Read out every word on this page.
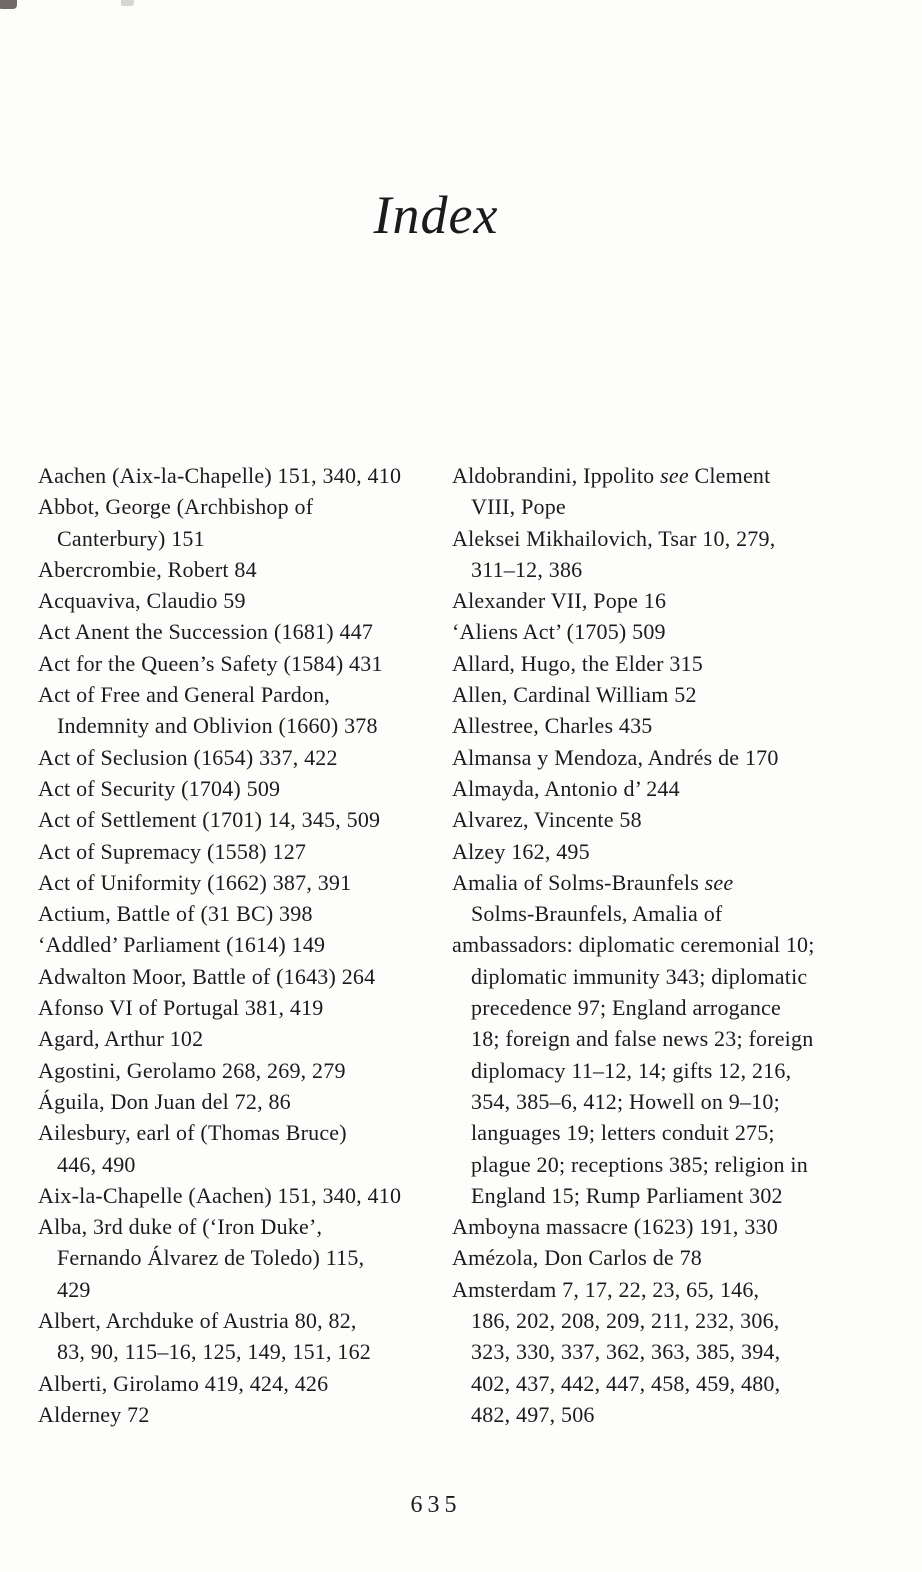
Index
Aachen (Aix-la-Chapelle) 151, 340, 410
Abbot, George (Archbishop of
Canterbury) 151
Abercrombie, Robert 84
Acquaviva, Claudio 59
Act Anent the Succession (1681) 447
Act for the Queen’s Safety (1584) 431
Act of Free and General Pardon,
Indemnity and Oblivion (1660) 378
Act of Seclusion (1654) 337, 422
Act of Security (1704) 509
Act of Settlement (1701) 14, 345, 509
Act of Supremacy (1558) 127
Act of Uniformity (1662) 387, 391
Actium, Battle of (31 BC) 398
‘Addled’ Parliament (1614) 149
Adwalton Moor, Battle of (1643) 264
Afonso VI of Portugal 381, 419
Agard, Arthur 102
Agostini, Gerolamo 268, 269, 279
Águila, Don Juan del 72, 86
Ailesbury, earl of (Thomas Bruce)
446, 490
Aix-la-Chapelle (Aachen) 151, 340, 410
Alba, 3rd duke of (‘Iron Duke’,
Fernando Álvarez de Toledo) 115,
429
Albert, Archduke of Austria 80, 82,
83, 90, 115–16, 125, 149, 151, 162
Alberti, Girolamo 419, 424, 426
Alderney 72
Aldobrandini, Ippolito see Clement
VIII, Pope
Aleksei Mikhailovich, Tsar 10, 279,
311–12, 386
Alexander VII, Pope 16
‘Aliens Act’ (1705) 509
Allard, Hugo, the Elder 315
Allen, Cardinal William 52
Allestree, Charles 435
Almansa y Mendoza, Andrés de 170
Almayda, Antonio d’ 244
Alvarez, Vincente 58
Alzey 162, 495
Amalia of Solms-Braunfels see
Solms-Braunfels, Amalia of
ambassadors: diplomatic ceremonial 10;
diplomatic immunity 343; diplomatic
precedence 97; England arrogance
18; foreign and false news 23; foreign
diplomacy 11–12, 14; gifts 12, 216,
354, 385–6, 412; Howell on 9–10;
languages 19; letters conduit 275;
plague 20; receptions 385; religion in
England 15; Rump Parliament 302
Amboyna massacre (1623) 191, 330
Amézola, Don Carlos de 78
Amsterdam 7, 17, 22, 23, 65, 146,
186, 202, 208, 209, 211, 232, 306,
323, 330, 337, 362, 363, 385, 394,
402, 437, 442, 447, 458, 459, 480,
482, 497, 506
635
